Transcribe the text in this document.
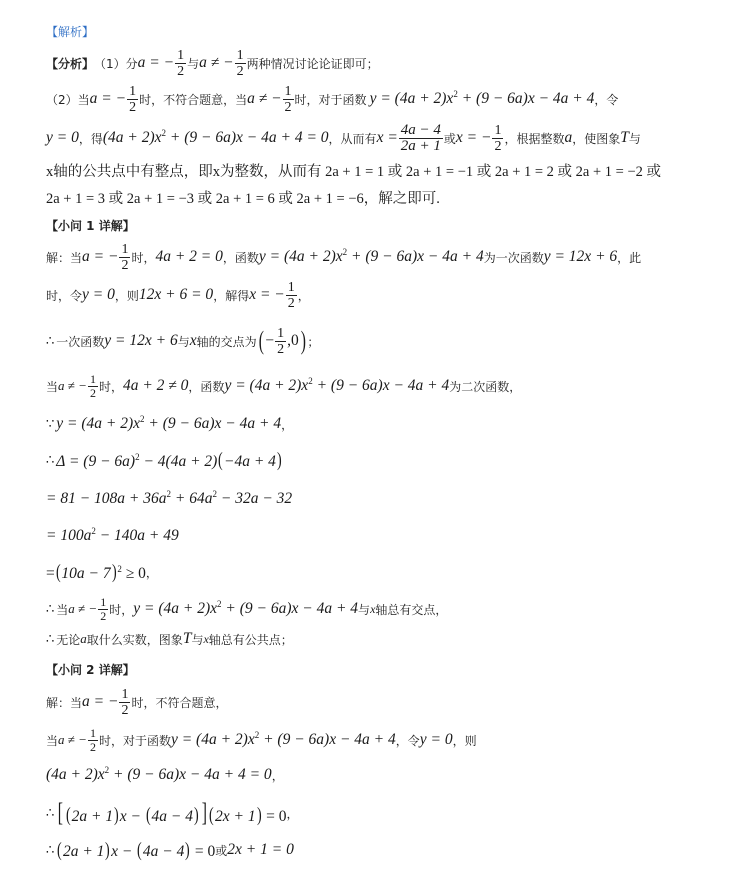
【解析】
【分析】 （1）分 a = − $\frac{1}{2}$ 与 a ≠ − $\frac{1}{2}$ 两种情况讨论论证即可；
（2）当 a = − $\frac{1}{2}$ 时，不符合题意，当 a ≠ − $\frac{1}{2}$ 时，对于函数 $y = (4a + 2)x^2 + (9 - 6a)x - 4a + 4$ ，令
y = 0 ，得 $(4a + 2)x^2 + (9 - 6a)x - 4a + 4 = 0$ ，从而有 $x = \frac{4a - 4}{2a + 1}$ 或 x = − $\frac{1}{2}$ ，根据整数 a ，使图象 T 与
x轴的公共点中有整点，即x为整数，从而有 2a + 1 = 1 或 2a + 1 = −1 或 2a + 1 = 2 或 2a + 1 = −2 或
2a + 1 = 3 或 2a + 1 = −3 或 2a + 1 = 6 或 2a + 1 = −6，解之即可.
【小问 1 详解】
解：当 a = − $\frac{1}{2}$ 时， 4a + 2 = 0 ，函数 $y = (4a + 2)x^2 + (9 - 6a)x - 4a + 4$ 为一次函数 y = 12x + 6 ，此
时，令 y = 0 ，则 12x + 6 = 0 ，解得 x = − $\frac{1}{2}$ ，
∴ 一次函数 y = 12x + 6 与 x 轴的交点为 ( − $\frac{1}{2} ,0$ ) ；
当 a ≠ − $\frac{1}{2}$ 时， 4a + 2 ≠ 0 ，函数 $y = (4a + 2)x^2 + (9 - 6a)x - 4a + 4$ 为二次函数，
∵ $y = (4a + 2)x^2 + (9 - 6a)x - 4a + 4$ ，
∴ $\Delta = (9 - 6a)^2 - 4(4a + 2)(-4a + 4)$
= $81 - 108a + 36a^2 + 64a^2 - 32a - 32$
= $100a^2 - 140a + 49$
$=(10a - 7)^2 \ge 0$ ，
∴ 当 a ≠ − $\frac{1}{2}$ 时， $y = (4a + 2)x^2 + (9 - 6a)x - 4a + 4$ 与 x 轴总有交点，
∴ 无论 a 取什么实数，图象 T 与 x 轴总有公共点；
【小问 2 详解】
解：当 a = − $\frac{1}{2}$ 时，不符合题意，
当 a ≠ − $\frac{1}{2}$ 时，对于函数 $y = (4a + 2)x^2 + (9 - 6a)x - 4a + 4$ ，令 y = 0 ，则
$(4a + 2)x^2 + (9 - 6a)x - 4a + 4 = 0$ ，
∴ [ (2a + 1)x − (4a − 4) ] (2x + 1) = 0 ，
∴ (2a + 1)x − (4a − 4) = 0 或 2x + 1 = 0
